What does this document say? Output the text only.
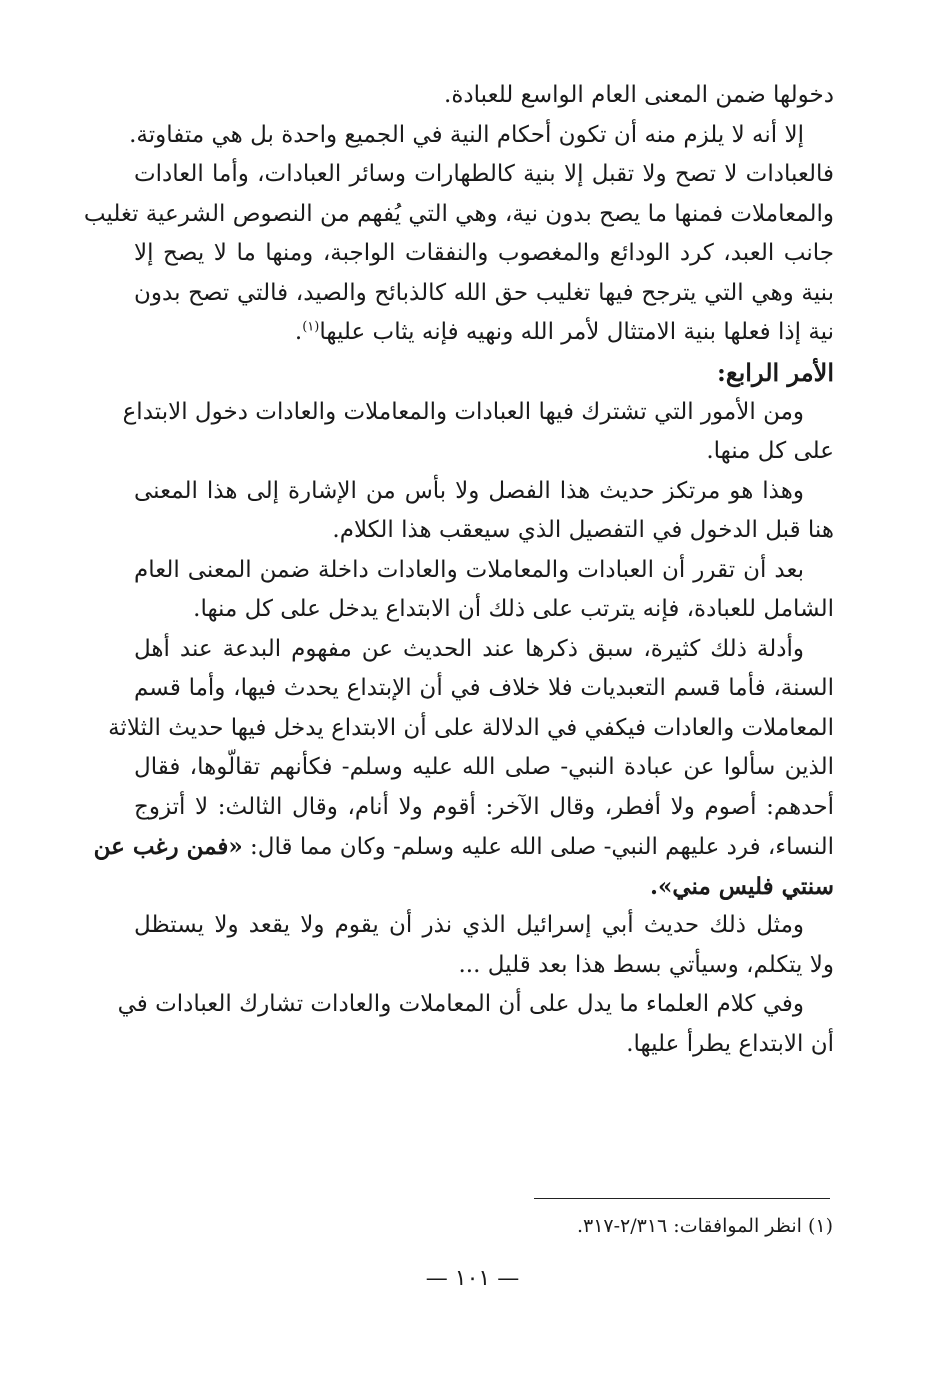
دخولها ضمن المعنى العام الواسع للعبادة.
إلا أنه لا يلزم منه أن تكون أحكام النية في الجميع واحدة بل هي متفاوتة.
فالعبادات لا تصح ولا تقبل إلا بنية كالطهارات وسائر العبادات، وأما العادات
والمعاملات فمنها ما يصح بدون نية، وهي التي يُفهم من النصوص الشرعية تغليب
جانب العبد، كرد الودائع والمغصوب والنفقات الواجبة، ومنها ما لا يصح إلا
بنية وهي التي يترجح فيها تغليب حق الله كالذبائح والصيد، فالتي تصح بدون
نية إذا فعلها بنية الامتثال لأمر الله ونهيه فإنه يثاب عليها$^{(١)}$.
الأمر الرابع:
ومن الأمور التي تشترك فيها العبادات والمعاملات والعادات دخول الابتداع
على كل منها.
وهذا هو مرتكز حديث هذا الفصل ولا بأس من الإشارة إلى هذا المعنى
هنا قبل الدخول في التفصيل الذي سيعقب هذا الكلام.
بعد أن تقرر أن العبادات والمعاملات والعادات داخلة ضمن المعنى العام
الشامل للعبادة، فإنه يترتب على ذلك أن الابتداع يدخل على كل منها.
وأدلة ذلك كثيرة، سبق ذكرها عند الحديث عن مفهوم البدعة عند أهل
السنة، فأما قسم التعبديات فلا خلاف في أن الإبتداع يحدث فيها، وأما قسم
المعاملات والعادات فيكفي في الدلالة على أن الابتداع يدخل فيها حديث الثلاثة
الذين سألوا عن عبادة النبي- صلى الله عليه وسلم- فكأنهم تقالّوها، فقال
أحدهم: أصوم ولا أفطر، وقال الآخر: أقوم ولا أنام، وقال الثالث: لا أتزوج
النساء، فرد عليهم النبي- صلى الله عليه وسلم- وكان مما قال: «فمن رغب عن
سنتي فليس مني».
ومثل ذلك حديث أبي إسرائيل الذي نذر أن يقوم ولا يقعد ولا يستظل
ولا يتكلم، وسيأتي بسط هذا بعد قليل ...
وفي كلام العلماء ما يدل على أن المعاملات والعادات تشارك العبادات في
أن الابتداع يطرأ عليها.
(١) انظر الموافقات: ٢/٣١٦-٣١٧.
— ١٠١ —
